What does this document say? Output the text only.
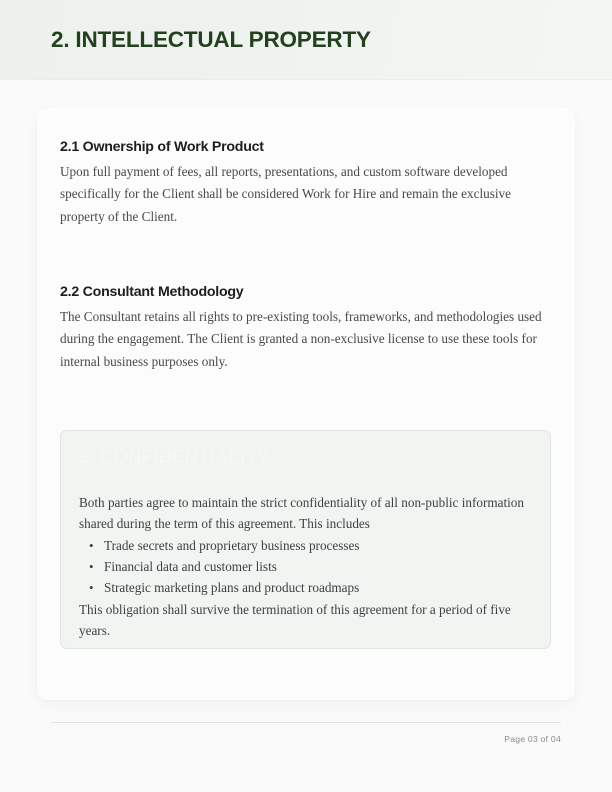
2. INTELLECTUAL PROPERTY
2.1 Ownership of Work Product
Upon full payment of fees, all reports, presentations, and custom software developed specifically for the Client shall be considered Work for Hire and remain the exclusive property of the Client.
2.2 Consultant Methodology
The Consultant retains all rights to pre-existing tools, frameworks, and methodologies used during the engagement. The Client is granted a non-exclusive license to use these tools for internal business purposes only.
3. CONFIDENTIALITY
Both parties agree to maintain the strict confidentiality of all non-public information shared during the term of this agreement. This includes
• Trade secrets and proprietary business processes
• Financial data and customer lists
• Strategic marketing plans and product roadmaps
This obligation shall survive the termination of this agreement for a period of five years.
Page 03 of 04
